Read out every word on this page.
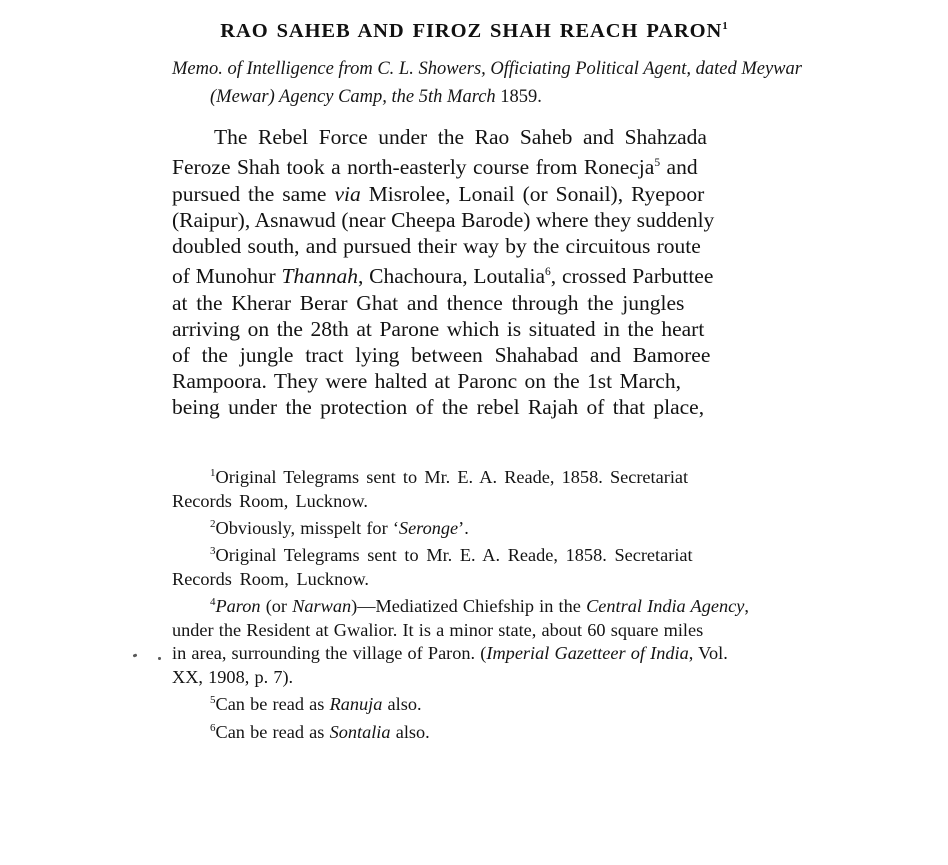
RAO SAHEB AND FIROZ SHAH REACH PARON$^1$
Memo. of Intelligence from C. L. Showers, Officiating Political Agent, dated Meywar
(Mewar) Agency Camp, the 5th March 1859.
The Rebel Force under the Rao Saheb and Shahzada
Feroze Shah took a north-easterly course from Ronecja$^5$ and
pursued the same via Misrolee, Lonail (or Sonail), Ryepoor
(Raipur), Asnawud (near Cheepa Barode) where they suddenly
doubled south, and pursued their way by the circuitous route
of Munohur Thannah, Chachoura, Loutalia$^6$, crossed Parbuttee
at the Kherar Berar Ghat and thence through the jungles
arriving on the 28th at Parone which is situated in the heart
of the jungle tract lying between Shahabad and Bamoree
Rampoora. They were halted at Paronc on the 1st March,
being under the protection of the rebel Rajah of that place,

$^1$Original Telegrams sent to Mr. E. A. Reade, 1858. Secretariat
Records Room, Lucknow.

$^2$Obviously, misspelt for ‘Seronge’.

$^3$Original Telegrams sent to Mr. E. A. Reade, 1858. Secretariat
Records Room, Lucknow.

$^4$Paron (or Narwan)—Mediatized Chiefship in the Central India Agency,
under the Resident at Gwalior. It is a minor state, about 60 square miles
in area, surrounding the village of Paron. (Imperial Gazetteer of India, Vol.
XX, 1908, p. 7).

$^5$Can be read as Ranuja also.

$^6$Can be read as Sontalia also.
